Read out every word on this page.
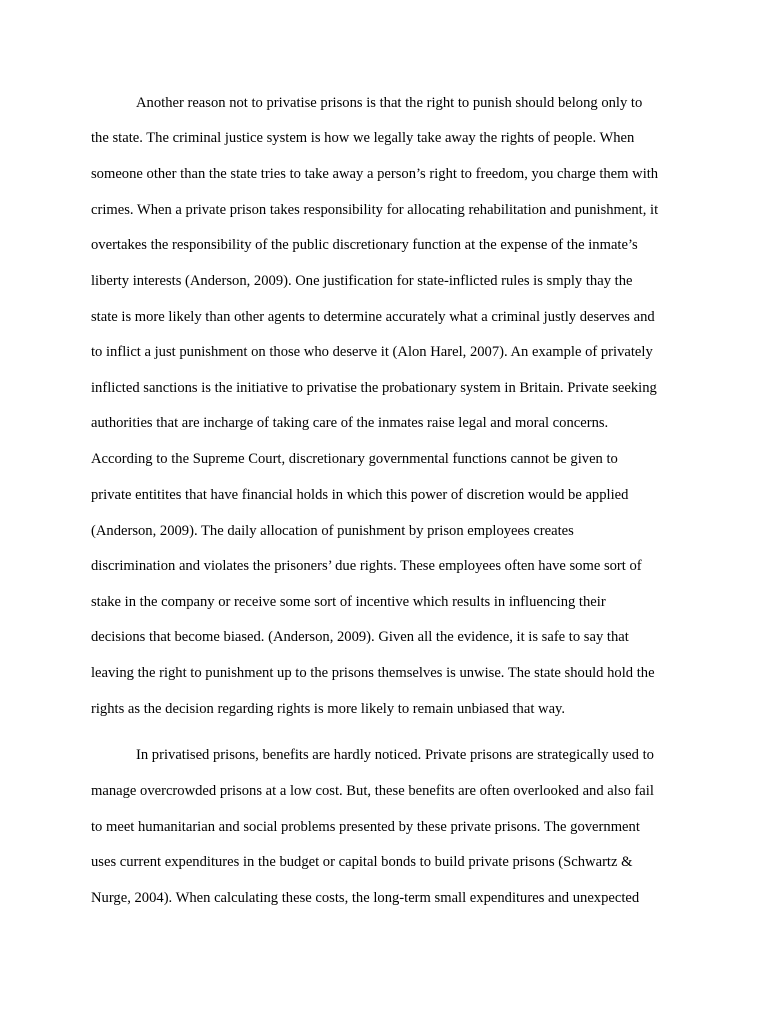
Another reason not to privatise prisons is that the right to punish should belong only to
the state. The criminal justice system is how we legally take away the rights of people. When
someone other than the state tries to take away a person’s right to freedom, you charge them with
crimes. When a private prison takes responsibility for allocating rehabilitation and punishment, it
overtakes the responsibility of the public discretionary function at the expense of the inmate’s
liberty interests (Anderson, 2009). One justification for state-inflicted rules is smply thay the
state is more likely than other agents to determine accurately what a criminal justly deserves and
to inflict a just punishment on those who deserve it (Alon Harel, 2007). An example of privately
inflicted sanctions is the initiative to privatise the probationary system in Britain. Private seeking
authorities that are incharge of taking care of the inmates raise legal and moral concerns.
According to the Supreme Court, discretionary governmental functions cannot be given to
private entitites that have financial holds in which this power of discretion would be applied
(Anderson, 2009). The daily allocation of punishment by prison employees creates
discrimination and violates the prisoners’ due rights. These employees often have some sort of
stake in the company or receive some sort of incentive which results in influencing their
decisions that become biased. (Anderson, 2009). Given all the evidence, it is safe to say that
leaving the right to punishment up to the prisons themselves is unwise. The state should hold the
rights as the decision regarding rights is more likely to remain unbiased that way.
In privatised prisons, benefits are hardly noticed. Private prisons are strategically used to
manage overcrowded prisons at a low cost. But, these benefits are often overlooked and also fail
to meet humanitarian and social problems presented by these private prisons. The government
uses current expenditures in the budget or capital bonds to build private prisons (Schwartz &
Nurge, 2004). When calculating these costs, the long-term small expenditures and unexpected
